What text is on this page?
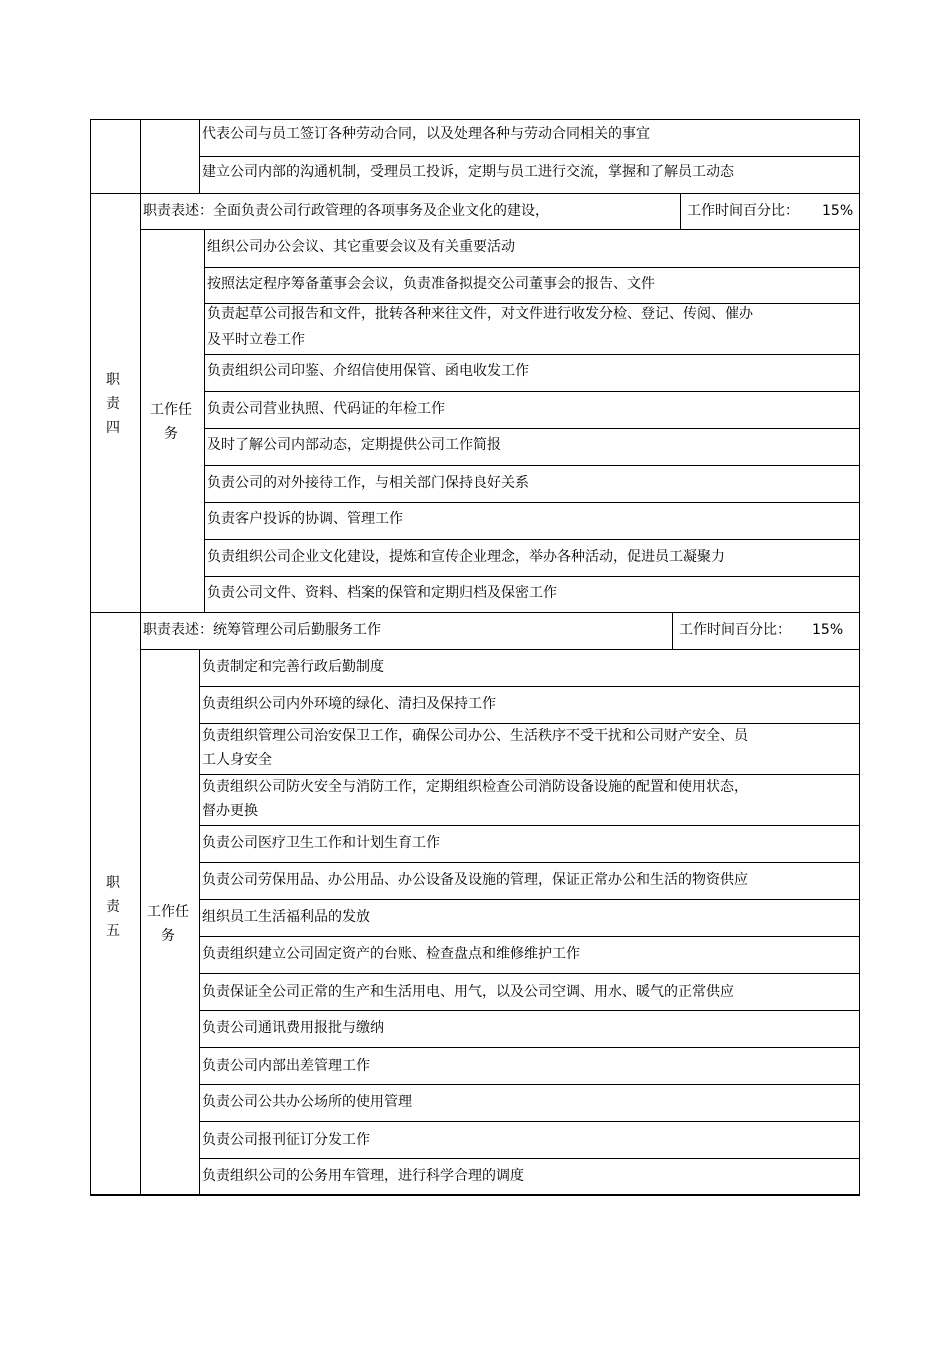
代表公司与员工签订各种劳动合同，以及处理各种与劳动合同相关的事宜
建立公司内部的沟通机制，受理员工投诉，定期与员工进行交流，掌握和了解员工动态
职责四
职责表述：全面负责公司行政管理的各项事务及企业文化的建设，	工作时间百分比： 15%
工作任务
组织公司办公会议、其它重要会议及有关重要活动
按照法定程序筹备董事会会议，负责准备拟提交公司董事会的报告、文件
负责起草公司报告和文件，批转各种来往文件，对文件进行收发分检、登记、传阅、催办
及平时立卷工作
负责组织公司印鉴、介绍信使用保管、函电收发工作
负责公司营业执照、代码证的年检工作
及时了解公司内部动态，定期提供公司工作简报
负责公司的对外接待工作，与相关部门保持良好关系
负责客户投诉的协调、管理工作
负责组织公司企业文化建设，提炼和宣传企业理念，举办各种活动，促进员工凝聚力
负责公司文件、资料、档案的保管和定期归档及保密工作
职责五
职责表述：统筹管理公司后勤服务工作	工作时间百分比： 15%
工作任务
负责制定和完善行政后勤制度
负责组织公司内外环境的绿化、清扫及保持工作
负责组织管理公司治安保卫工作，确保公司办公、生活秩序不受干扰和公司财产安全、员
工人身安全
负责组织公司防火安全与消防工作，定期组织检查公司消防设备设施的配置和使用状态，
督办更换
负责公司医疗卫生工作和计划生育工作
负责公司劳保用品、办公用品、办公设备及设施的管理，保证正常办公和生活的物资供应
组织员工生活福利品的发放
负责组织建立公司固定资产的台账、检查盘点和维修维护工作
负责保证全公司正常的生产和生活用电、用气，以及公司空调、用水、暖气的正常供应
负责公司通讯费用报批与缴纳
负责公司内部出差管理工作
负责公司公共办公场所的使用管理
负责公司报刊征订分发工作
负责组织公司的公务用车管理，进行科学合理的调度
